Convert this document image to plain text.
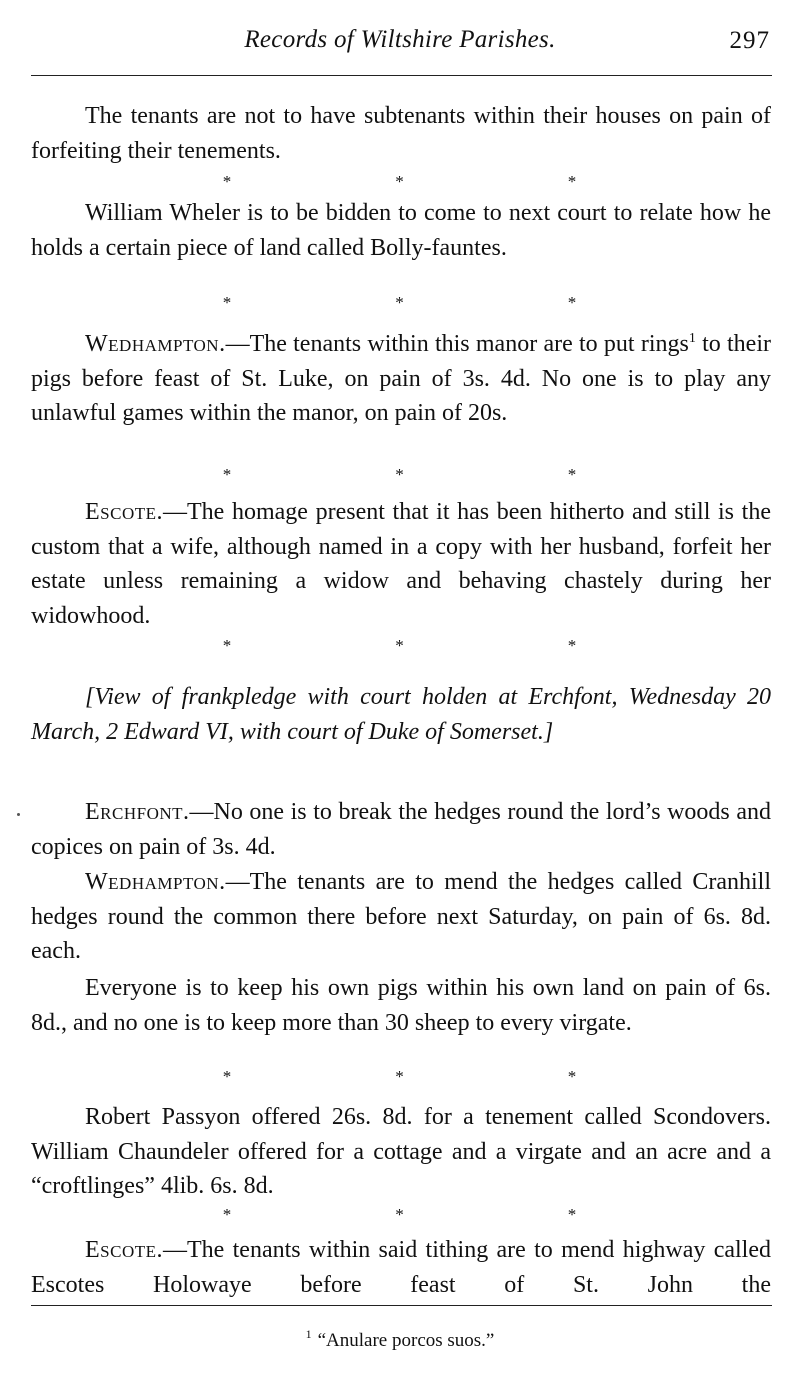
Records of Wiltshire Parishes.	297

The tenants are not to have subtenants within their houses on pain of forfeiting their tenements.

*	*	*

William Wheler is to be bidden to come to next court to relate how he holds a certain piece of land called Bolly-fauntes.

*	*	*

Wedhampton.—The tenants within this manor are to put rings$^1$ to their pigs before feast of St. Luke, on pain of 3s. 4d. No one is to play any unlawful games within the manor, on pain of 20s.

*	*	*

Escote.—The homage present that it has been hitherto and still is the custom that a wife, although named in a copy with her husband, forfeit her estate unless remaining a widow and behaving chastely during her widowhood.

*	*	*

[View of frankpledge with court holden at Erchfont, Wednesday 20 March, 2 Edward VI, with court of Duke of Somerset.]

Erchfont.—No one is to break the hedges round the lord’s woods and copices on pain of 3s. 4d.

Wedhampton.—The tenants are to mend the hedges called Cranhill hedges round the common there before next Saturday, on pain of 6s. 8d. each.

Everyone is to keep his own pigs within his own land on pain of 6s. 8d., and no one is to keep more than 30 sheep to every virgate.

*	*	*

Robert Passyon offered 26s. 8d. for a tenement called Scondovers. William Chaundeler offered for a cottage and a virgate and an acre and a “croftlinges” 4lib. 6s. 8d.

*	*	*

Escote.—The tenants within said tithing are to mend highway called Escotes Holowaye before feast of St. John the

$^1$ “Anulare porcos suos.”
